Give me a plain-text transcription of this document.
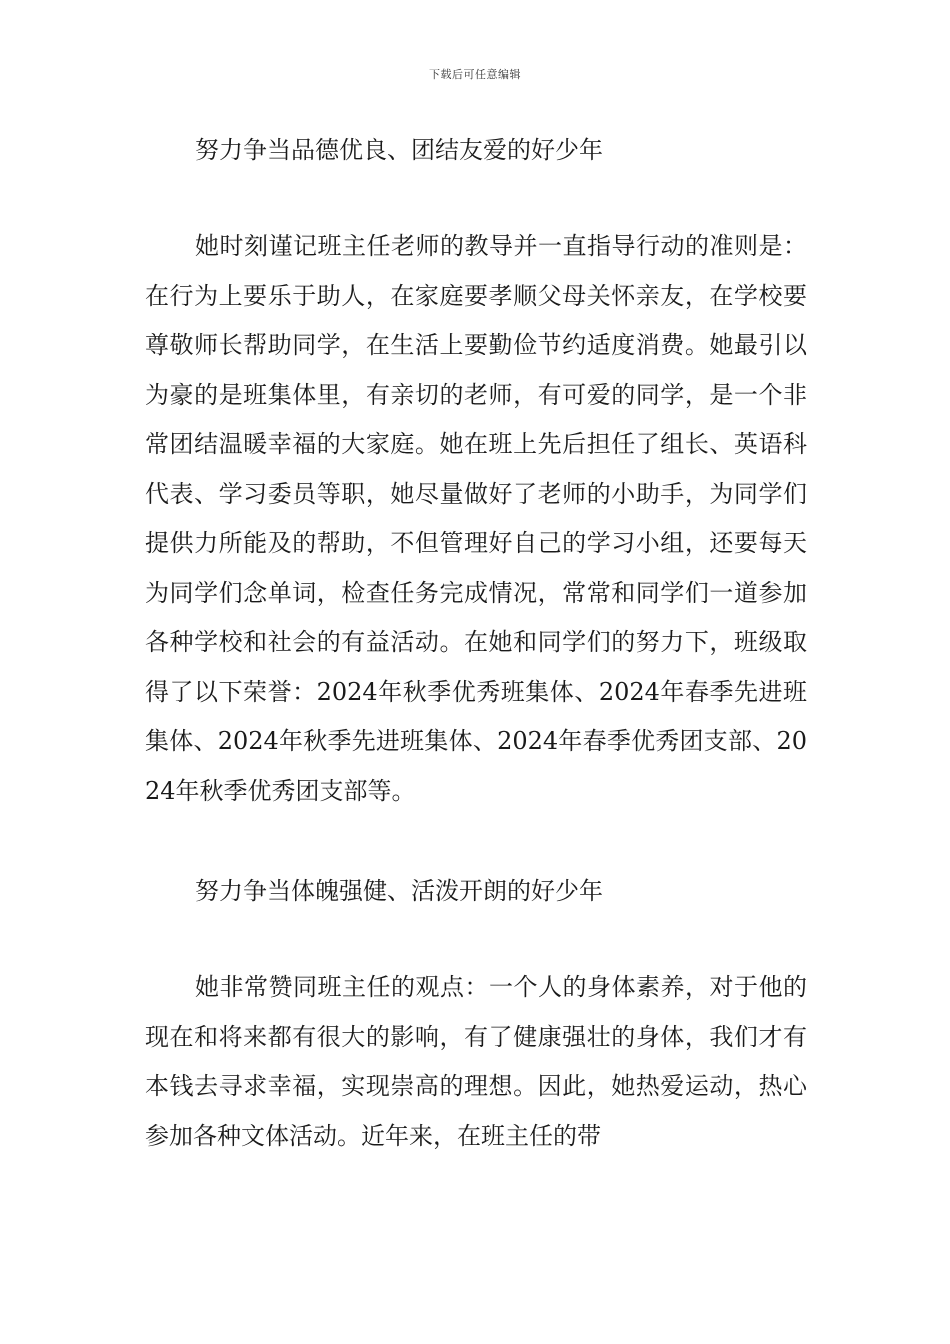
下载后可任意编辑
努力争当品德优良、团结友爱的好少年

她时刻谨记班主任老师的教导并一直指导行动的准则是：在行为上要乐于助人，在家庭要孝顺父母关怀亲友，在学校要尊敬师长帮助同学，在生活上要勤俭节约适度消费。她最引以为豪的是班集体里，有亲切的老师，有可爱的同学，是一个非常团结温暖幸福的大家庭。她在班上先后担任了组长、英语科代表、学习委员等职，她尽量做好了老师的小助手，为同学们提供力所能及的帮助，不但管理好自己的学习小组，还要每天为同学们念单词，检查任务完成情况，常常和同学们一道参加各种学校和社会的有益活动。在她和同学们的努力下，班级取得了以下荣誉：2024年秋季优秀班集体、2024年春季先进班集体、2024年秋季先进班集体、2024年春季优秀团支部、2024年秋季优秀团支部等。

努力争当体魄强健、活泼开朗的好少年

她非常赞同班主任的观点：一个人的身体素养，对于他的现在和将来都有很大的影响，有了健康强壮的身体，我们才有本钱去寻求幸福，实现崇高的理想。因此，她热爱运动，热心参加各种文体活动。近年来，在班主任的带
